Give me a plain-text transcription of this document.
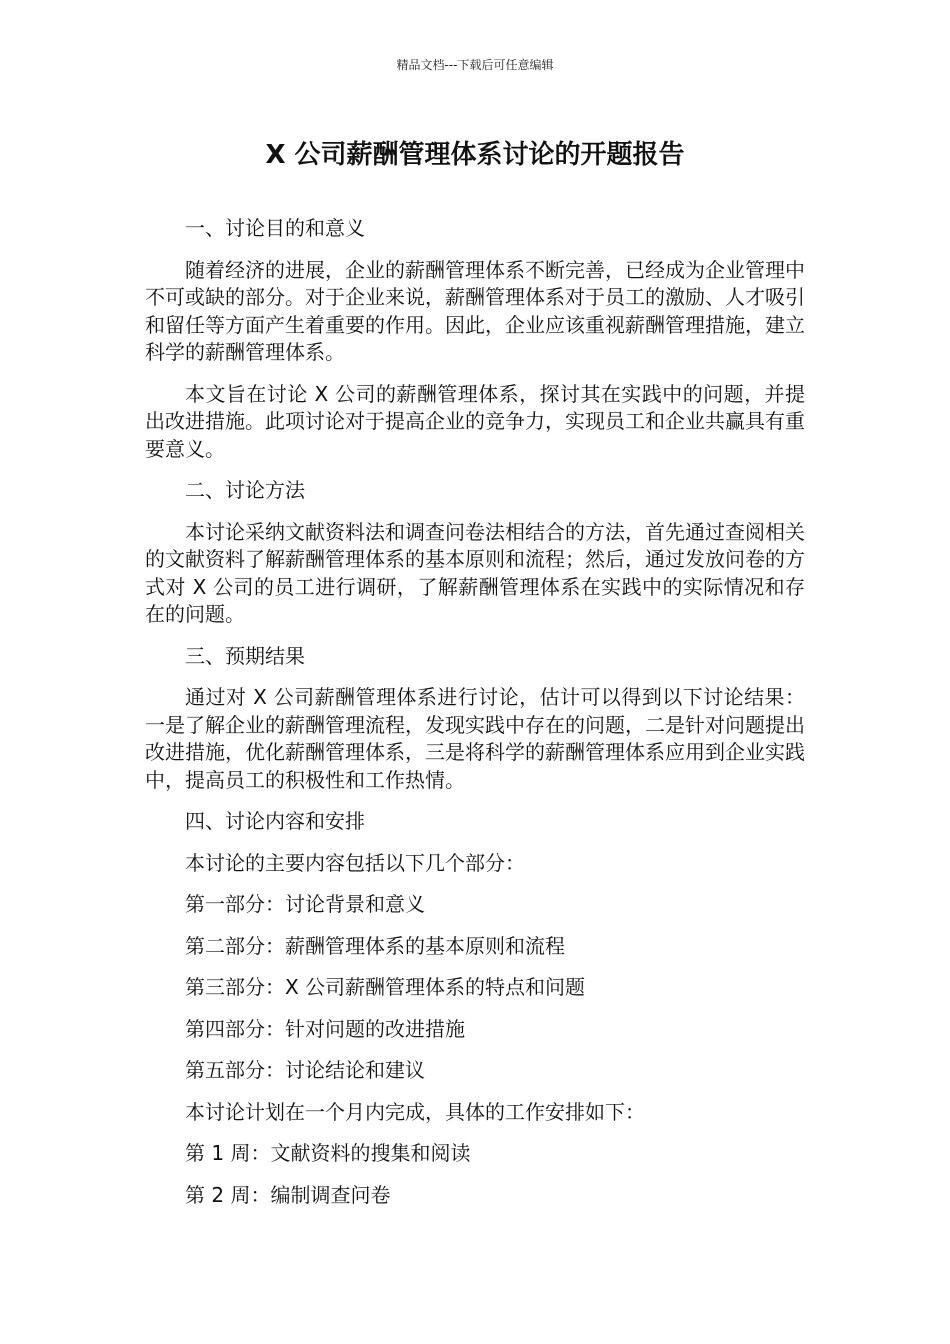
精品文档---下载后可任意编辑
X 公司薪酬管理体系讨论的开题报告

一、讨论目的和意义

随着经济的进展，企业的薪酬管理体系不断完善，已经成为企业管理中不可或缺的部分。对于企业来说，薪酬管理体系对于员工的激励、人才吸引和留任等方面产生着重要的作用。因此，企业应该重视薪酬管理措施，建立科学的薪酬管理体系。

本文旨在讨论 X 公司的薪酬管理体系，探讨其在实践中的问题，并提出改进措施。此项讨论对于提高企业的竞争力，实现员工和企业共赢具有重要意义。

二、讨论方法

本讨论采纳文献资料法和调查问卷法相结合的方法，首先通过查阅相关的文献资料了解薪酬管理体系的基本原则和流程；然后，通过发放问卷的方式对 X 公司的员工进行调研，了解薪酬管理体系在实践中的实际情况和存在的问题。

三、预期结果

通过对 X 公司薪酬管理体系进行讨论，估计可以得到以下讨论结果：一是了解企业的薪酬管理流程，发现实践中存在的问题，二是针对问题提出改进措施，优化薪酬管理体系，三是将科学的薪酬管理体系应用到企业实践中，提高员工的积极性和工作热情。

四、讨论内容和安排

本讨论的主要内容包括以下几个部分：

第一部分：讨论背景和意义

第二部分：薪酬管理体系的基本原则和流程

第三部分：X 公司薪酬管理体系的特点和问题

第四部分：针对问题的改进措施

第五部分：讨论结论和建议

本讨论计划在一个月内完成，具体的工作安排如下：

第 1 周：文献资料的搜集和阅读

第 2 周：编制调查问卷
